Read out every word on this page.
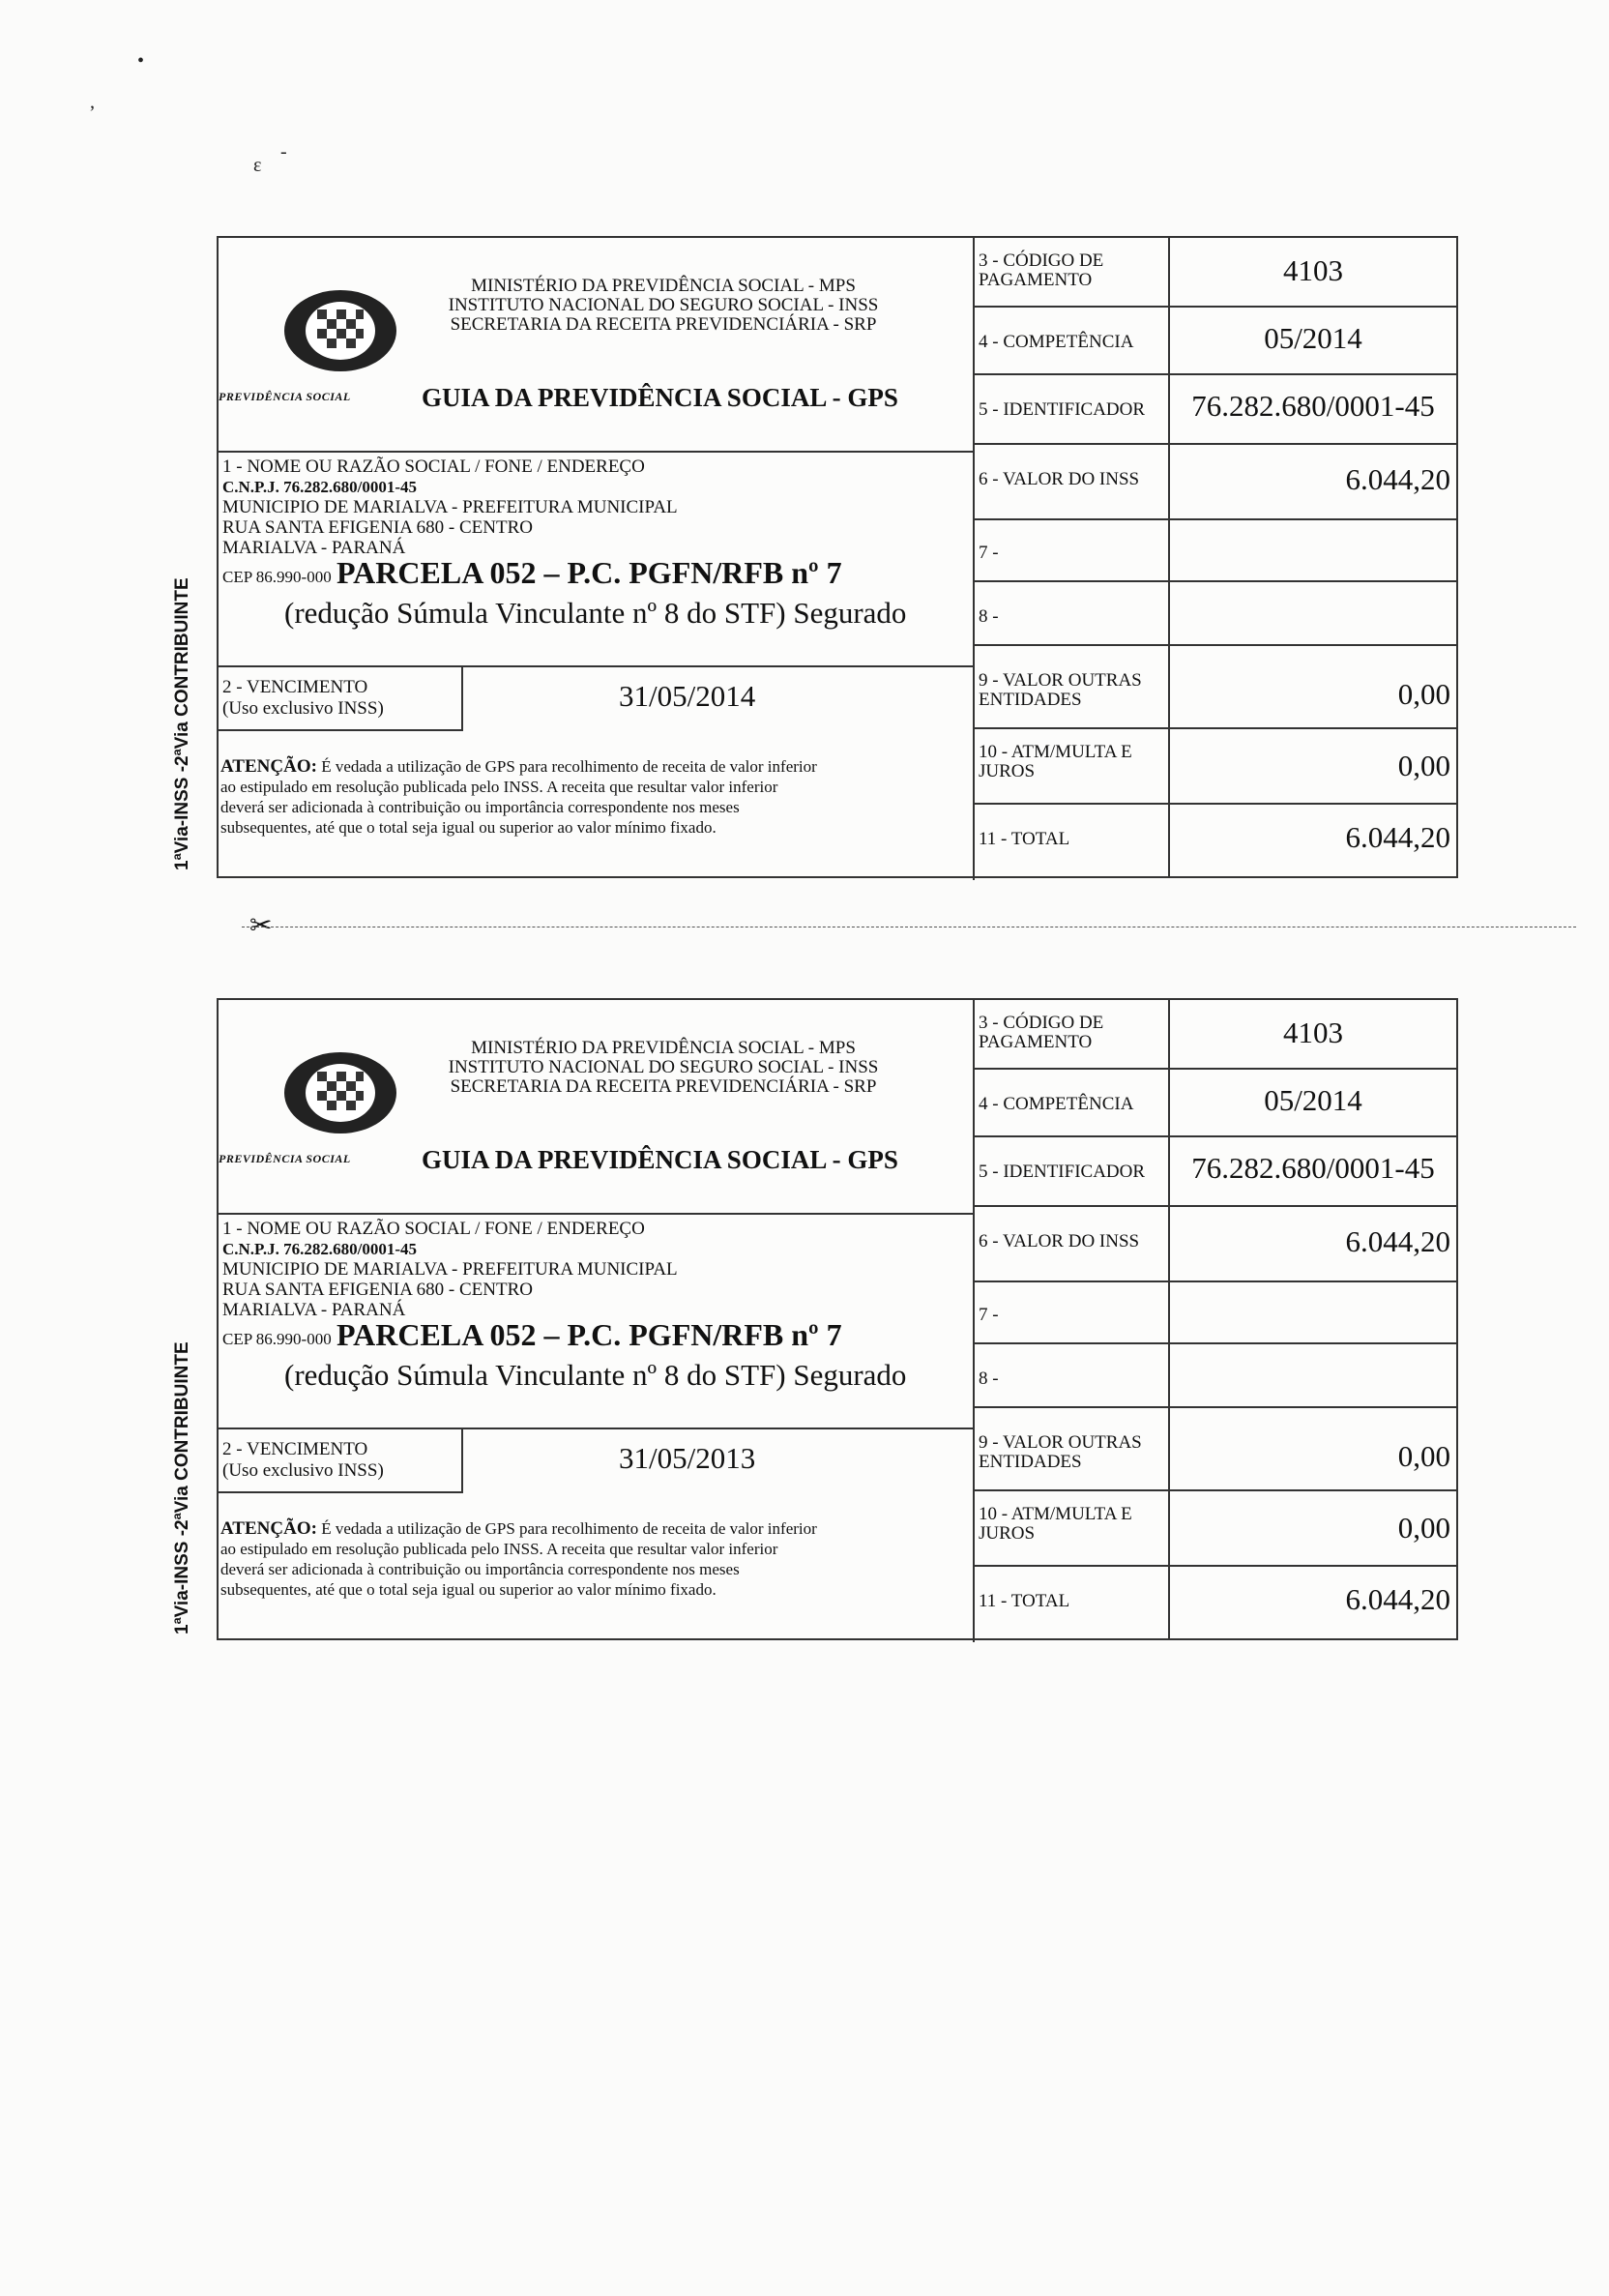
•
ʼ
ɛ
-
1ªVia-INSS -2ªVia CONTRIBUINTE
PREVIDÊNCIA SOCIAL
MINISTÉRIO DA PREVIDÊNCIA SOCIAL - MPS
INSTITUTO NACIONAL DO SEGURO SOCIAL - INSS
SECRETARIA DA RECEITA PREVIDENCIÁRIA - SRP
GUIA DA PREVIDÊNCIA SOCIAL - GPS
1 - NOME OU RAZÃO SOCIAL / FONE / ENDEREÇO
C.N.P.J. 76.282.680/0001-45
MUNICIPIO DE MARIALVA - PREFEITURA MUNICIPAL
RUA SANTA EFIGENIA 680 - CENTRO
MARIALVA - PARANÁ
CEP 86.990-000 PARCELA 052 – P.C. PGFN/RFB nº 7
(redução Súmula Vinculante nº 8 do STF) Segurado
2 - VENCIMENTO
(Uso exclusivo INSS)	31/05/2014
ATENÇÃO: É vedada a utilização de GPS para recolhimento de receita de valor inferior
ao estipulado em resolução publicada pelo INSS. A receita que resultar valor inferior
deverá ser adicionada à contribuição ou importância correspondente nos meses
subsequentes, até que o total seja igual ou superior ao valor mínimo fixado.
3 - CÓDIGO DE
PAGAMENTO	4103
4 - COMPETÊNCIA	05/2014
5 - IDENTIFICADOR	76.282.680/0001-45
6 - VALOR DO INSS	6.044,20
7 -
8 -
9 - VALOR OUTRAS
ENTIDADES	0,00
10 - ATM/MULTA E
JUROS	0,00
11 - TOTAL	6.044,20
✂
1ªVia-INSS -2ªVia CONTRIBUINTE
PREVIDÊNCIA SOCIAL
MINISTÉRIO DA PREVIDÊNCIA SOCIAL - MPS
INSTITUTO NACIONAL DO SEGURO SOCIAL - INSS
SECRETARIA DA RECEITA PREVIDENCIÁRIA - SRP
GUIA DA PREVIDÊNCIA SOCIAL - GPS
1 - NOME OU RAZÃO SOCIAL / FONE / ENDEREÇO
C.N.P.J. 76.282.680/0001-45
MUNICIPIO DE MARIALVA - PREFEITURA MUNICIPAL
RUA SANTA EFIGENIA 680 - CENTRO
MARIALVA - PARANÁ
CEP 86.990-000 PARCELA 052 – P.C. PGFN/RFB nº 7
(redução Súmula Vinculante nº 8 do STF) Segurado
2 - VENCIMENTO
(Uso exclusivo INSS)	31/05/2013
ATENÇÃO: É vedada a utilização de GPS para recolhimento de receita de valor inferior
ao estipulado em resolução publicada pelo INSS. A receita que resultar valor inferior
deverá ser adicionada à contribuição ou importância correspondente nos meses
subsequentes, até que o total seja igual ou superior ao valor mínimo fixado.
3 - CÓDIGO DE
PAGAMENTO	4103
4 - COMPETÊNCIA	05/2014
5 - IDENTIFICADOR	76.282.680/0001-45
6 - VALOR DO INSS	6.044,20
7 -
8 -
9 - VALOR OUTRAS
ENTIDADES	0,00
10 - ATM/MULTA E
JUROS	0,00
11 - TOTAL	6.044,20
